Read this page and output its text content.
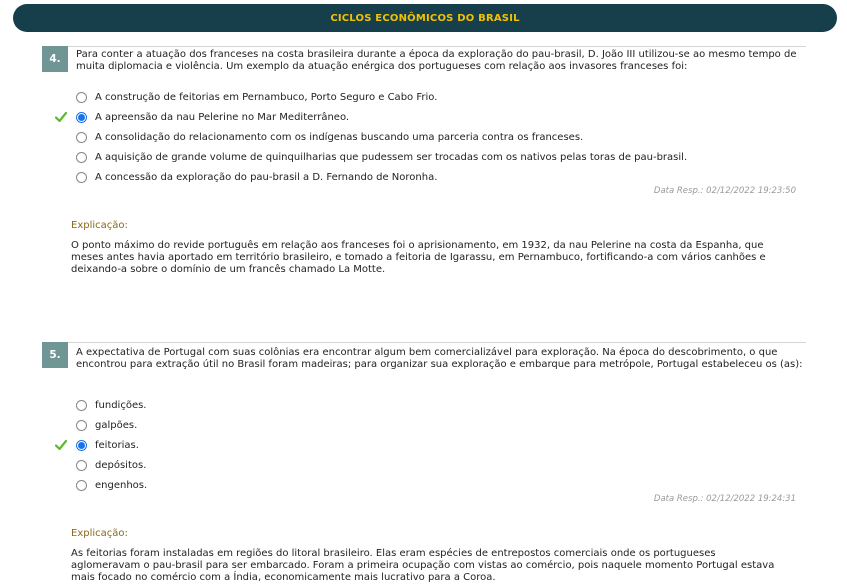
CICLOS ECONÔMICOS DO BRASIL
4.	Para conter a atuação dos franceses na costa brasileira durante a época da exploração do pau-brasil, D. João III utilizou-se ao mesmo tempo de muita diplomacia e violência. Um exemplo da atuação enérgica dos portugueses com relação aos invasores franceses foi:
A construção de feitorias em Pernambuco, Porto Seguro e Cabo Frio.
A apreensão da nau Pelerine no Mar Mediterrâneo.
A consolidação do relacionamento com os indígenas buscando uma parceria contra os franceses.
A aquisição de grande volume de quinquilharias que pudessem ser trocadas com os nativos pelas toras de pau-brasil.
A concessão da exploração do pau-brasil a D. Fernando de Noronha.
Data Resp.: 02/12/2022 19:23:50
Explicação:
O ponto máximo do revide português em relação aos franceses foi o aprisionamento, em 1932, da nau Pelerine na costa da Espanha, que meses antes havia aportado em território brasileiro, e tomado a feitoria de Igarassu, em Pernambuco, fortificando-a com vários canhões e deixando-a sobre o domínio de um francês chamado La Motte.
5.	A expectativa de Portugal com suas colônias era encontrar algum bem comercializável para exploração. Na época do descobrimento, o que encontrou para extração útil no Brasil foram madeiras; para organizar sua exploração e embarque para metrópole, Portugal estabeleceu os (as):
fundições.
galpões.
feitorias.
depósitos.
engenhos.
Data Resp.: 02/12/2022 19:24:31
Explicação:
As feitorias foram instaladas em regiões do litoral brasileiro. Elas eram espécies de entrepostos comerciais onde os portugueses aglomeravam o pau-brasil para ser embarcado. Foram a primeira ocupação com vistas ao comércio, pois naquele momento Portugal estava mais focado no comércio com a Índia, economicamente mais lucrativo para a Coroa.
